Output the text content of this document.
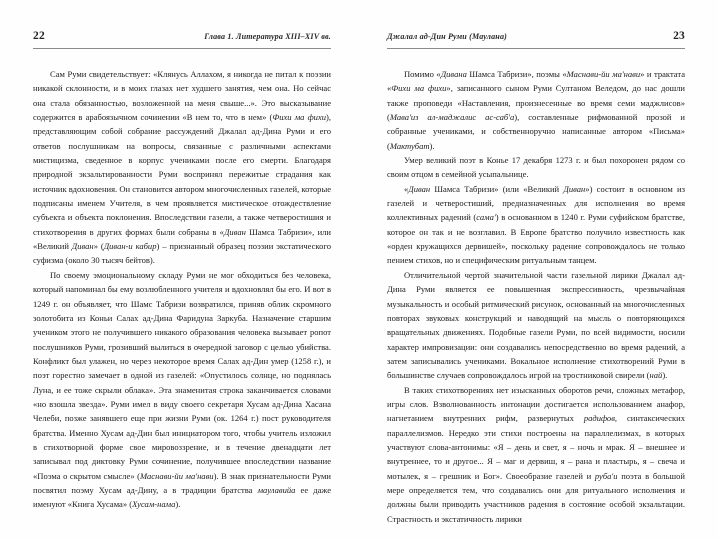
22	Глава 1. Литература XIII–XIV вв.

Сам Руми свидетельствует: «Клянусь Аллахом, я никогда не питал к поэзии никакой склонности, и в моих глазах нет худшего занятия, чем она. Но сейчас она стала обязанностью, возложенной на меня свыше...». Это высказывание содержится в арабоязычном сочинении «В нем то, что в нем» (Фихи ма фихи), представляющим собой собрание рассуждений Джалал ад-Дина Руми и его ответов послушникам на вопросы, связанные с различными аспектами мистицизма, сведенное в корпус учениками после его смерти. Благодаря природной экзальтированности Руми воспринял пережитые страдания как источник вдохновения. Он становится автором многочисленных газелей, которые подписаны именем Учителя, в чем проявляется мистическое отождествление субъекта и объекта поклонения. Впоследствии газели, а также четверостишия и стихотворения в других формах были собраны в «Диван Шамса Табризи», или «Великий Диван» (Диван-и кабир) – признанный образец поэзии экстатического суфизма (около 30 тысяч бейтов).

По своему эмоциональному складу Руми не мог обходиться без человека, который напоминал бы ему возлюбленного учителя и вдохновлял бы его. И вот в 1249 г. он объявляет, что Шамс Табризи возвратился, приняв облик скромного золотобита из Коньи Салах ад-Дина Фаридуна Заркуба. Назначение старшим учеником этого не получившего никакого образования человека вызывает ропот послушников Руми, грозивший вылиться в очередной заговор с целью убийства. Конфликт был улажен, но через некоторое время Салах ад-Дин умер (1258 г.), и поэт горестно замечает в одной из газелей: «Опустилось солнце, но поднялась Луна, и ее тоже скрыли облака». Эта знаменитая строка заканчивается словами «но взошла звезда». Руми имел в виду своего секретаря Хусам ад-Дина Хасана Челеби, позже занявшего еще при жизни Руми (ок. 1264 г.) пост руководителя братства. Именно Хусам ад-Дин был инициатором того, чтобы учитель изложил в стихотворной форме свое мировоззрение, и в течение двенадцати лет записывал под диктовку Руми сочинение, получившее впоследствии название «Поэма о скрытом смысле» (Маснави-йи ма'нави). В знак признательности Руми посвятил поэму Хусам ад-Дину, а в традиции братства маулавийа ее даже именуют «Книга Хусама» (Хусам-нама).

Джалал ад-Дин Руми (Маулана)	23

Помимо «Дивана Шамса Табризи», поэмы «Маснави-йи ма'нави» и трактата «Фихи ма фихи», записанного сыном Руми Султаном Веледом, до нас дошли также проповеди «Наставления, произнесенные во время семи маджлисов» (Мава'из ал-маджалис ас-саб'а), составленные рифмованной прозой и собранные учениками, и собственноручно написанные автором «Письма» (Мактубат).

Умер великий поэт в Конье 17 декабря 1273 г. и был похоронен рядом со своим отцом в семейной усыпальнице.

«Диван Шамса Табризи» (или «Великий Диван») состоит в основном из газелей и четверостиший, предназначенных для исполнения во время коллективных радений (сама') в основанном в 1240 г. Руми суфийском братстве, которое он так и не возглавил. В Европе братство получило известность как «орден кружащихся дервишей», поскольку радение сопровождалось не только пением стихов, но и специфическим ритуальным танцем.

Отличительной чертой значительной части газельной лирики Джалал ад-Дина Руми является ее повышенная экспрессивность, чрезвычайная музыкальность и особый ритмический рисунок, основанный на многочисленных повторах звуковых конструкций и наводящий на мысль о повторяющихся вращательных движениях. Подобные газели Руми, по всей видимости, носили характер импровизации: они создавались непосредственно во время радений, а затем записывались учениками. Вокальное исполнение стихотворений Руми в большинстве случаев сопровождалось игрой на тростниковой свирели (най).

В таких стихотворениях нет изысканных оборотов речи, сложных метафор, игры слов. Взволнованность интонации достигается использованием анафор, нагнетанием внутренних рифм, развернутых радифов, синтаксических параллелизмов. Нередко эти стихи построены на параллелизмах, в которых участвуют слова-антонимы: «Я – день и свет, я – ночь и мрак. Я – внешнее и внутреннее, то и другое... Я – маг и дервиш, я – рана и пластырь, я – свеча и мотылек, я – грешник и Бог». Своеобразие газелей и руба'и поэта в большой мере определяется тем, что создавались они для ритуального исполнения и должны были приводить участников радения в состояние особой экзальтации. Страстность и экстатичность лирики
